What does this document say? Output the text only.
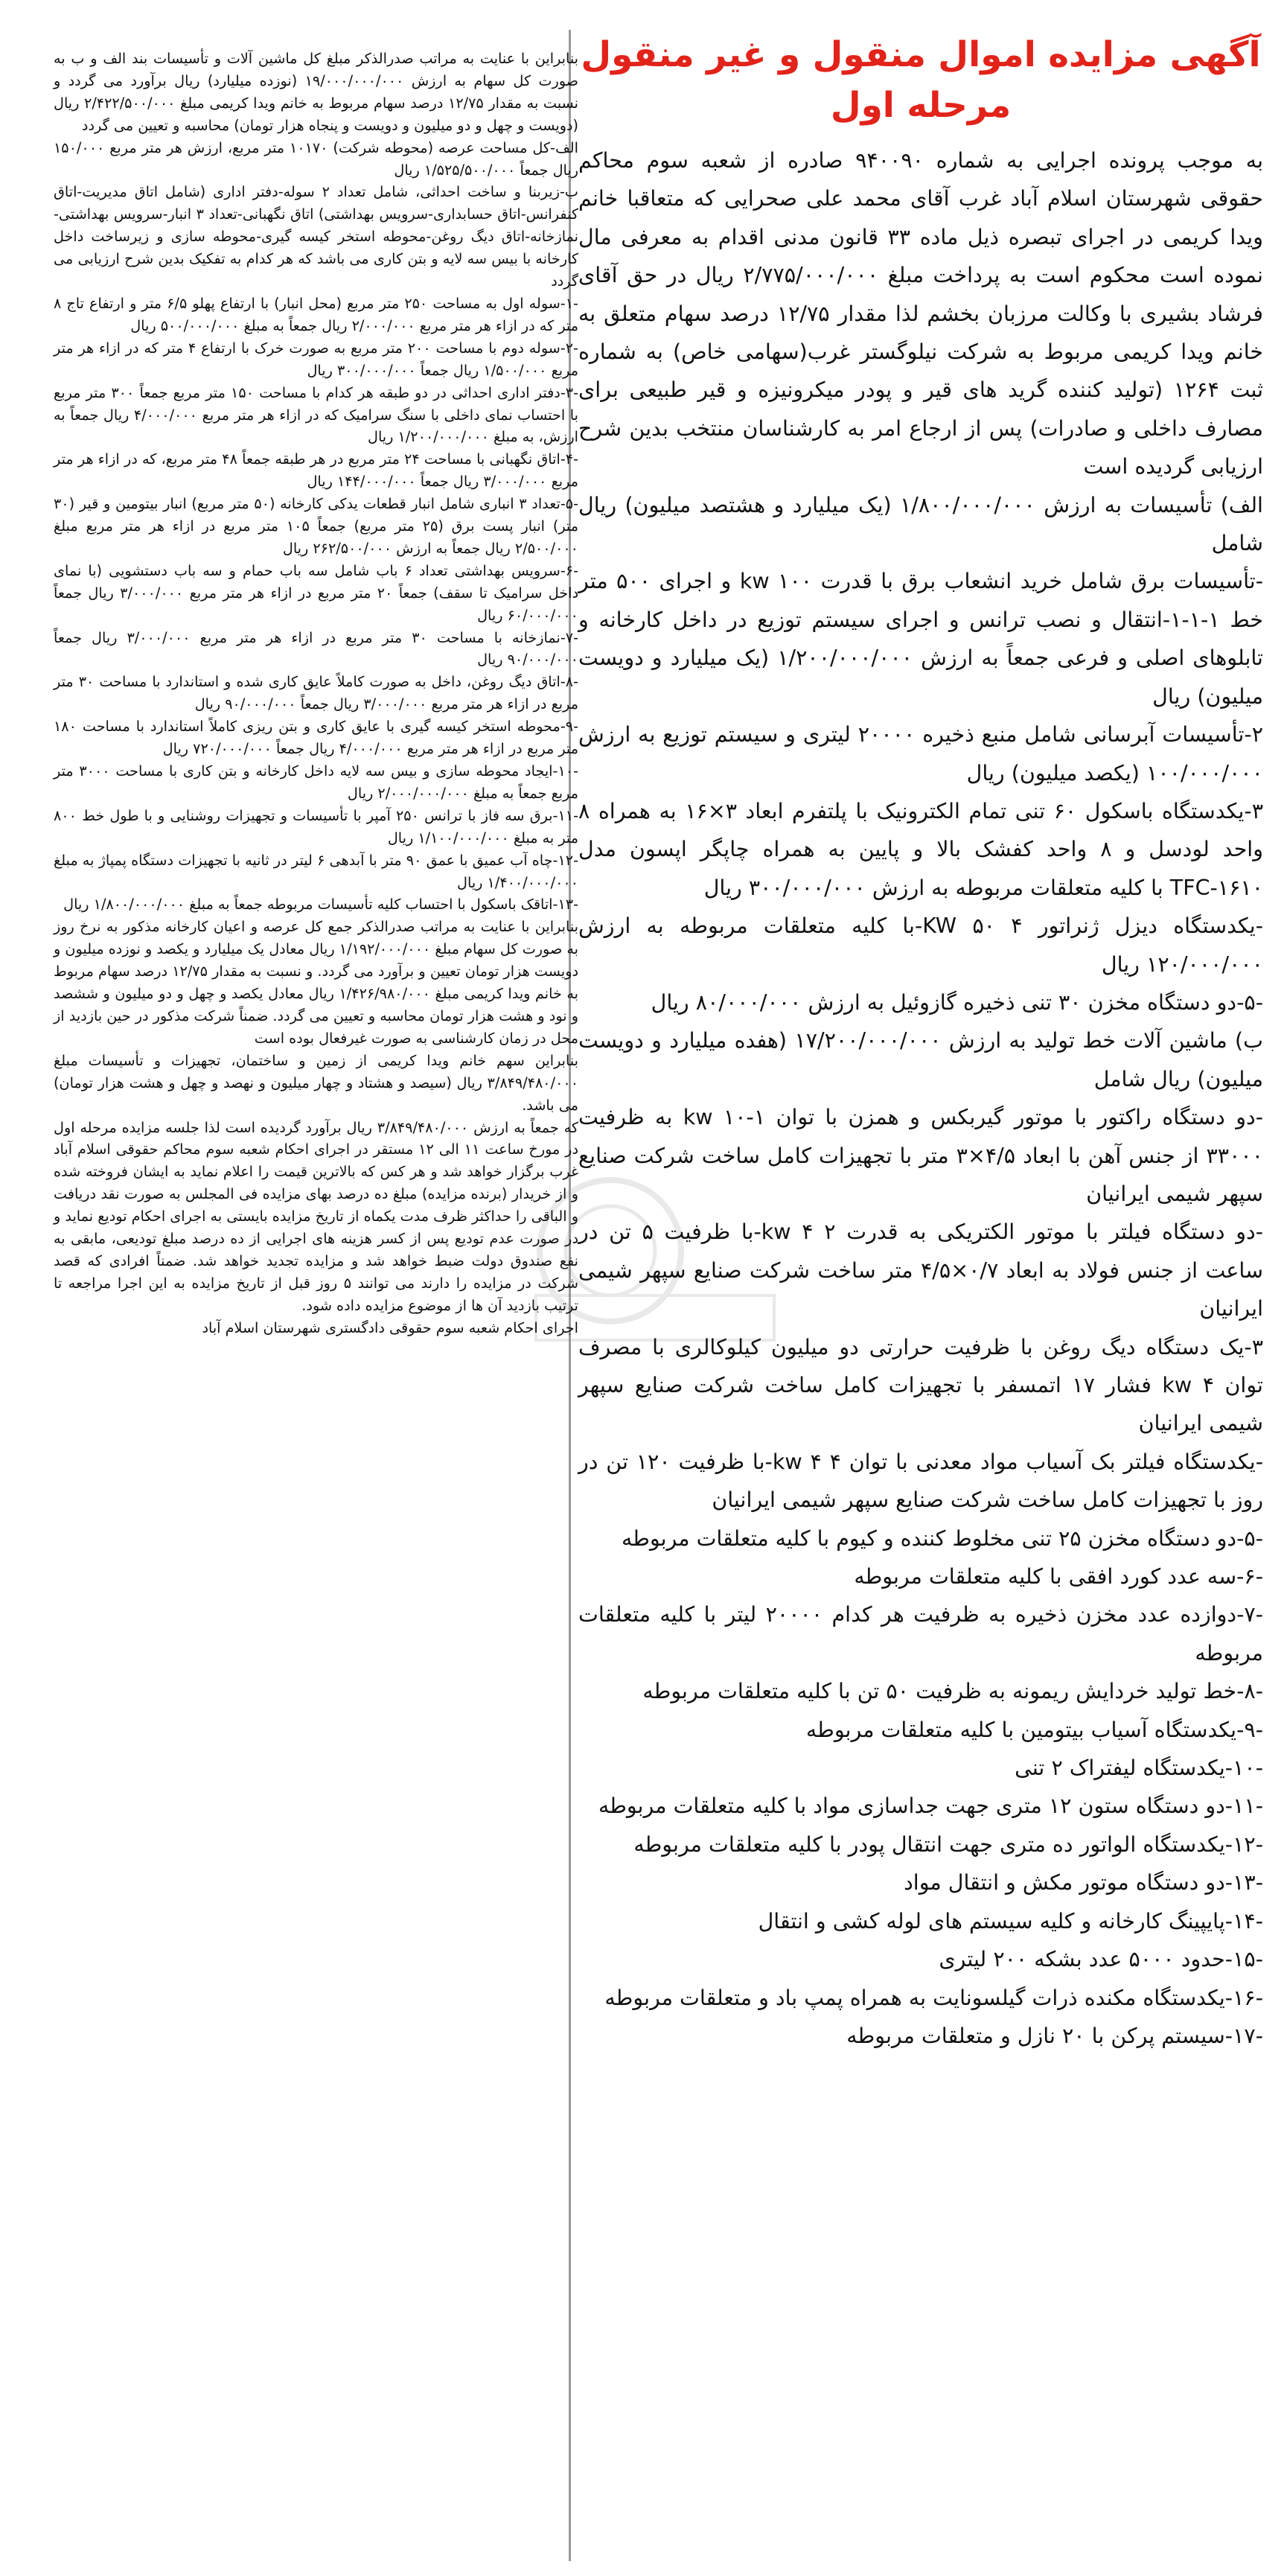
آگهی مزایده اموال منقول و غیر منقول مرحله اول

به موجب پرونده اجرایی به شماره ۹۴۰۰۹۰ صادره از شعبه سوم محاکم حقوقی شهرستان اسلام آباد غرب آقای محمد علی صحرایی که متعاقبا خانم ویدا کریمی در اجرای تبصره ذیل ماده ۳۳ قانون مدنی اقدام به معرفی مال نموده است محکوم است به پرداخت مبلغ ۲/۷۷۵/۰۰۰/۰۰۰ ریال در حق آقای فرشاد بشیری با وکالت مرزبان بخشم لذا مقدار ۱۲/۷۵ درصد سهام متعلق به خانم ویدا کریمی مربوط به شرکت نیلوگستر غرب(سهامی خاص) به شماره ثبت ۱۲۶۴ (تولید کننده گرید های قیر و پودر میکرونیزه و قیر طبیعی برای مصارف داخلی و صادرات) پس از ارجاع امر به کارشناسان منتخب بدین شرح ارزیابی گردیده است

الف) تأسیسات به ارزش ۱/۸۰۰/۰۰۰/۰۰۰ (یک میلیارد و هشتصد میلیون) ریال شامل

-تأسیسات برق شامل خرید انشعاب برق با قدرت kw ۱۰۰ و اجرای ۵۰۰ متر خط ۱-۱-۱-انتقال و نصب ترانس و اجرای سیستم توزیع در داخل کارخانه و تابلوهای اصلی و فرعی جمعاً به ارزش ۱/۲۰۰/۰۰۰/۰۰۰ (یک میلیارد و دویست میلیون) ریال

۲-تأسیسات آبرسانی شامل منبع ذخیره ۲۰۰۰۰ لیتری و سیستم توزیع به ارزش ۱۰۰/۰۰۰/۰۰۰ (یکصد میلیون) ریال

۳-یکدستگاه باسکول ۶۰ تنی تمام الکترونیک با پلتفرم ابعاد ۳×۱۶ به همراه ۸ واحد لودسل و ۸ واحد کفشک بالا و پایین به همراه چاپگر اپسون مدل TFC-۱۶۱۰ با کلیه متعلقات مربوطه به ارزش ۳۰۰/۰۰۰/۰۰۰ ریال

-یکدستگاه دیزل ژنراتور KW ۵۰ ۴-با کلیه متعلقات مربوطه به ارزش ۱۲۰/۰۰۰/۰۰۰ ریال

-۵-دو دستگاه مخزن ۳۰ تنی ذخیره گازوئیل به ارزش ۸۰/۰۰۰/۰۰۰ ریال

ب) ماشین آلات خط تولید به ارزش ۱۷/۲۰۰/۰۰۰/۰۰۰ (هفده میلیارد و دویست میلیون) ریال شامل

-دو دستگاه راکتور با موتور گیربکس و همزن با توان kw ۱۰-۱ به ظرفیت ۳۳۰۰۰ از جنس آهن با ابعاد ۴/۵×۳ متر با تجهیزات کامل ساخت شرکت صنایع سپهر شیمی ایرانیان

-دو دستگاه فیلتر با موتور الکتریکی به قدرت kw ۴ ۲-با ظرفیت ۵ تن در ساعت از جنس فولاد به ابعاد ۰/۷×۴/۵ متر ساخت شرکت صنایع سپهر شیمی ایرانیان

۳-یک دستگاه دیگ روغن با ظرفیت حرارتی دو میلیون کیلوکالری با مصرف توان kw ۴ فشار ۱۷ اتمسفر با تجهیزات کامل ساخت شرکت صنایع سپهر شیمی ایرانیان

-یکدستگاه فیلتر بک آسیاب مواد معدنی با توان kw ۴ ۴-با ظرفیت ۱۲۰ تن در روز با تجهیزات کامل ساخت شرکت صنایع سپهر شیمی ایرانیان

-۵-دو دستگاه مخزن ۲۵ تنی مخلوط کننده و کیوم با کلیه متعلقات مربوطه

-۶-سه عدد کورد افقی با کلیه متعلقات مربوطه

-۷-دوازده عدد مخزن ذخیره به ظرفیت هر کدام ۲۰۰۰۰ لیتر با کلیه متعلقات مربوطه

-۸-خط تولید خردایش ریمونه به ظرفیت ۵۰ تن با کلیه متعلقات مربوطه

-۹-یکدستگاه آسیاب بیتومین با کلیه متعلقات مربوطه

-۱۰-یکدستگاه لیفتراک ۲ تنی

-۱۱-دو دستگاه ستون ۱۲ متری جهت جداسازی مواد با کلیه متعلقات مربوطه

-۱۲-یکدستگاه الواتور ده متری جهت انتقال پودر با کلیه متعلقات مربوطه

-۱۳-دو دستگاه موتور مکش و انتقال مواد

-۱۴-پایپینگ کارخانه و کلیه سیستم های لوله کشی و انتقال

-۱۵-حدود ۵۰۰۰ عدد بشکه ۲۰۰ لیتری

-۱۶-یکدستگاه مکنده ذرات گیلسونایت به همراه پمپ باد و متعلقات مربوطه

-۱۷-سیستم پرکن با ۲۰ نازل و متعلقات مربوطه

بنابراین با عنایت به مراتب صدرالذکر مبلغ کل ماشین آلات و تأسیسات بند الف و ب به صورت کل سهام به ارزش ۱۹/۰۰۰/۰۰۰/۰۰۰ (نوزده میلیارد) ریال برآورد می گردد و نسبت به مقدار ۱۲/۷۵ درصد سهام مربوط به خانم ویدا کریمی مبلغ ۲/۴۲۲/۵۰۰/۰۰۰ ریال (دویست و چهل و دو میلیون و دویست و پنجاه هزار تومان) محاسبه و تعیین می گردد

الف-کل مساحت عرصه (محوطه شرکت) ۱۰۱۷۰ متر مربع، ارزش هر متر مربع ۱۵۰/۰۰۰ ریال جمعاً ۱/۵۲۵/۵۰۰/۰۰۰ ریال

ب-زیربنا و ساخت احداثی، شامل تعداد ۲ سوله-دفتر اداری (شامل اتاق مدیریت-اتاق کنفرانس-اتاق حسابداری-سرویس بهداشتی) اتاق نگهبانی-تعداد ۳ انبار-سرویس بهداشتی-نمازخانه-اتاق دیگ روغن-محوطه استخر کیسه گیری-محوطه سازی و زیرساخت داخل کارخانه با بیس سه لایه و بتن کاری می باشد که هر کدام به تفکیک بدین شرح ارزیابی می گردد

-۱-سوله اول به مساحت ۲۵۰ متر مربع (محل انبار) با ارتفاع پهلو ۶/۵ متر و ارتفاع تاج ۸ متر که در ازاء هر متر مربع ۲/۰۰۰/۰۰۰ ریال جمعاً به مبلغ ۵۰۰/۰۰۰/۰۰۰ ریال

-۲-سوله دوم با مساحت ۲۰۰ متر مربع به صورت خرک با ارتفاع ۴ متر که در ازاء هر متر مربع ۱/۵۰۰/۰۰۰ ریال جمعاً ۳۰۰/۰۰۰/۰۰۰ ریال

-۳-دفتر اداری احداثی در دو طبقه هر کدام با مساحت ۱۵۰ متر مربع جمعاً ۳۰۰ متر مربع با احتساب نمای داخلی با سنگ سرامیک که در ازاء هر متر مربع ۴/۰۰۰/۰۰۰ ریال جمعاً به ارزش، به مبلغ ۱/۲۰۰/۰۰۰/۰۰۰ ریال

-۴-اتاق نگهبانی با مساحت ۲۴ متر مربع در هر طبقه جمعاً ۴۸ متر مربع، که در ازاء هر متر مربع ۳/۰۰۰/۰۰۰ ریال جمعاً ۱۴۴/۰۰۰/۰۰۰ ریال

-۵-تعداد ۳ انباری شامل انبار قطعات یدکی کارخانه (۵۰ متر مربع) انبار بیتومین و قیر (۳۰ متر) انبار پست برق (۲۵ متر مربع) جمعاً ۱۰۵ متر مربع در ازاء هر متر مربع مبلغ ۲/۵۰۰/۰۰۰ ریال جمعاً به ارزش ۲۶۲/۵۰۰/۰۰۰ ریال

-۶-سرویس بهداشتی تعداد ۶ باب شامل سه باب حمام و سه باب دستشویی (با نمای داخل سرامیک تا سقف) جمعاً ۲۰ متر مربع در ازاء هر متر مربع ۳/۰۰۰/۰۰۰ ریال جمعاً ۶۰/۰۰۰/۰۰۰ ریال

-۷-نمازخانه با مساحت ۳۰ متر مربع در ازاء هر متر مربع ۳/۰۰۰/۰۰۰ ریال جمعاً ۹۰/۰۰۰/۰۰۰ ریال

-۸-اتاق دیگ روغن، داخل به صورت کاملاً عایق کاری شده و استاندارد با مساحت ۳۰ متر مربع در ازاء هر متر مربع ۳/۰۰۰/۰۰۰ ریال جمعاً ۹۰/۰۰۰/۰۰۰ ریال

-۹-محوطه استخر کیسه گیری با عایق کاری و بتن ریزی کاملاً استاندارد با مساحت ۱۸۰ متر مربع در ازاء هر متر مربع ۴/۰۰۰/۰۰۰ ریال جمعاً ۷۲۰/۰۰۰/۰۰۰ ریال

-۱۰-ایجاد محوطه سازی و بیس سه لایه داخل کارخانه و بتن کاری با مساحت ۳۰۰۰ متر مربع جمعاً به مبلغ ۲/۰۰۰/۰۰۰/۰۰۰ ریال

-۱۱-برق سه فاز با ترانس ۲۵۰ آمپر با تأسیسات و تجهیزات روشنایی و با طول خط ۸۰۰ متر به مبلغ ۱/۱۰۰/۰۰۰/۰۰۰ ریال

-۱۲-چاه آب عمیق با عمق ۹۰ متر با آبدهی ۶ لیتر در ثانیه با تجهیزات دستگاه پمپاژ به مبلغ ۱/۴۰۰/۰۰۰/۰۰۰ ریال

-۱۳-اتاقک باسکول با احتساب کلیه تأسیسات مربوطه جمعاً به مبلغ ۱/۸۰۰/۰۰۰/۰۰۰ ریال

بنابراین با عنایت به مراتب صدرالذکر جمع کل عرصه و اعیان کارخانه مذکور به نرخ روز به صورت کل سهام مبلغ ۱/۱۹۲/۰۰۰/۰۰۰ ریال معادل یک میلیارد و یکصد و نوزده میلیون و دویست هزار تومان تعیین و برآورد می گردد. و نسبت به مقدار ۱۲/۷۵ درصد سهام مربوط به خانم ویدا کریمی مبلغ ۱/۴۲۶/۹۸۰/۰۰۰ ریال معادل یکصد و چهل و دو میلیون و ششصد و نود و هشت هزار تومان محاسبه و تعیین می گردد. ضمناً شرکت مذکور در حین بازدید از محل در زمان کارشناسی به صورت غیرفعال بوده است

بنابراین سهم خانم ویدا کریمی از زمین و ساختمان، تجهیزات و تأسیسات مبلغ ۳/۸۴۹/۴۸۰/۰۰۰ ریال (سیصد و هشتاد و چهار میلیون و نهصد و چهل و هشت هزار تومان) می باشد.

که جمعاً به ارزش ۳/۸۴۹/۴۸۰/۰۰۰ ریال برآورد گردیده است لذا جلسه مزایده مرحله اول در مورخ ساعت ۱۱ الی ۱۲ مستقر در اجرای احکام شعبه سوم محاکم حقوقی اسلام آباد غرب برگزار خواهد شد و هر کس که بالاترین قیمت را اعلام نماید به ایشان فروخته شده و از خریدار (برنده مزایده) مبلغ ده درصد بهای مزایده فی المجلس به صورت نقد دریافت و الباقی را حداکثر ظرف مدت یکماه از تاریخ مزایده بایستی به اجرای احکام تودیع نماید و در صورت عدم تودیع پس از کسر هزینه های اجرایی از ده درصد مبلغ تودیعی، مابقی به نفع صندوق دولت ضبط خواهد شد و مزایده تجدید خواهد شد. ضمناً افرادی که قصد شرکت در مزایده را دارند می توانند ۵ روز قبل از تاریخ مزایده به این اجرا مراجعه تا ترتیب بازدید آن ها از موضوع مزایده داده شود.

اجرای احکام شعبه سوم حقوقی دادگستری شهرستان اسلام آباد
